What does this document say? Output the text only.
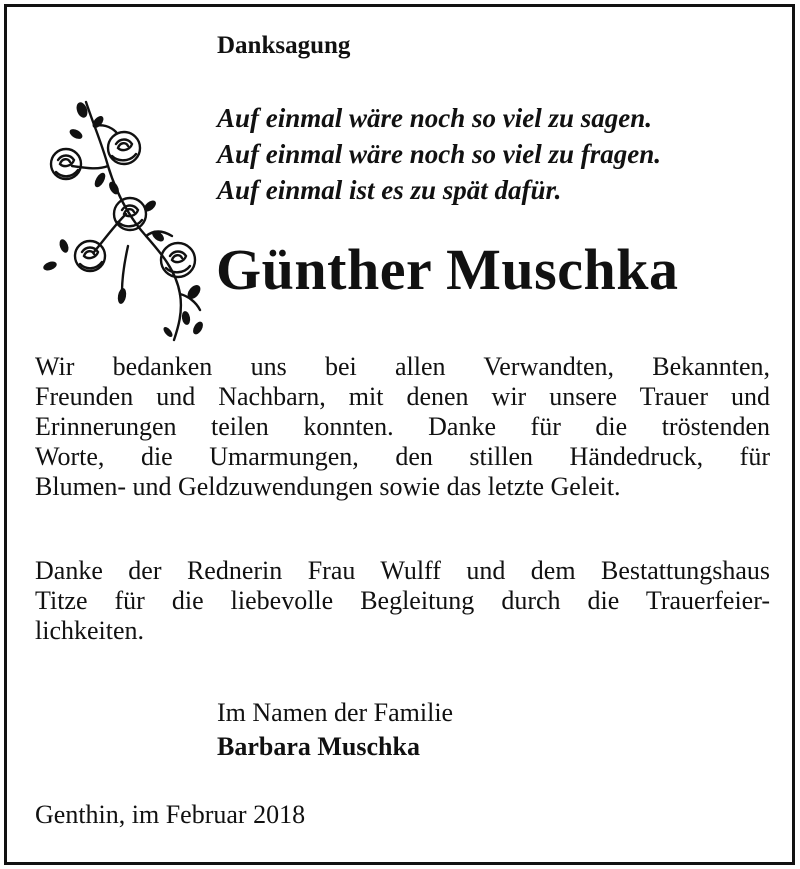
Danksagung
Auf einmal wäre noch so viel zu sagen.
Auf einmal wäre noch so viel zu fragen.
Auf einmal ist es zu spät dafür.
Günther Muschka

Wir bedanken uns bei allen Verwandten, Bekannten,
Freunden und Nachbarn, mit denen wir unsere Trauer und
Erinnerungen teilen konnten. Danke für die tröstenden
Worte, die Umarmungen, den stillen Händedruck, für
Blumen- und Geldzuwendungen sowie das letzte Geleit.

Danke der Rednerin Frau Wulff und dem Bestattungshaus
Titze für die liebevolle Begleitung durch die Trauerfeier-
lichkeiten.

Im Namen der Familie
Barbara Muschka

Genthin, im Februar 2018
